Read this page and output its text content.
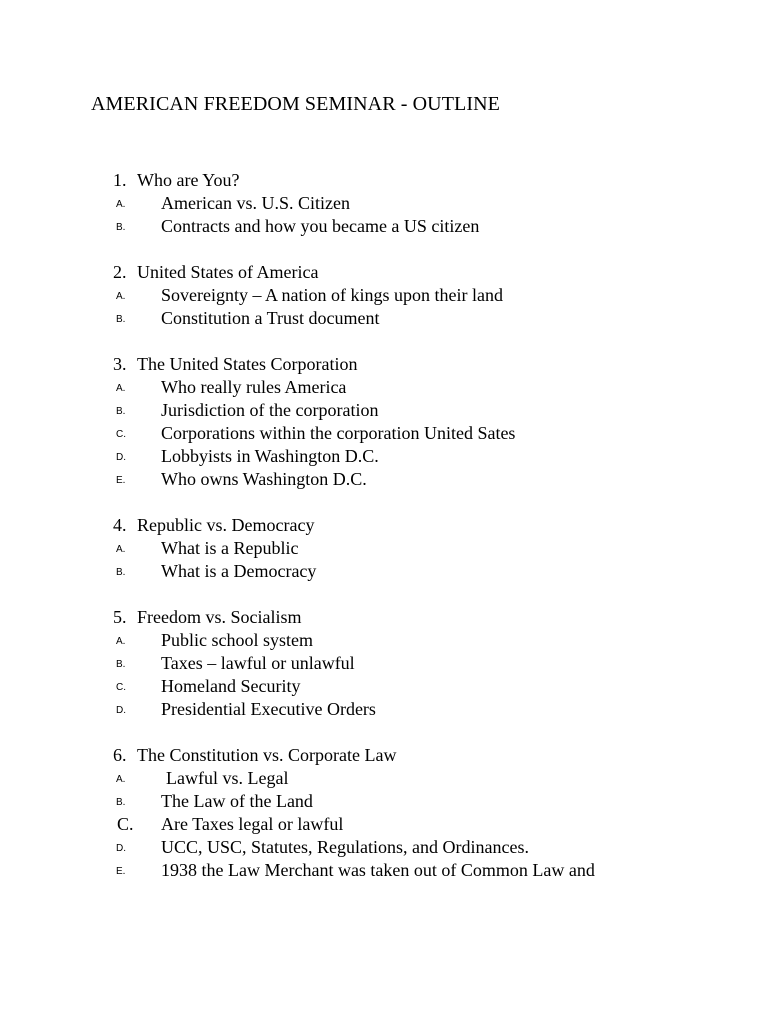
AMERICAN FREEDOM SEMINAR - OUTLINE
1. Who are You?
A. American vs. U.S. Citizen
B. Contracts and how you became a US citizen
2. United States of America
A. Sovereignty – A nation of kings upon their land
B. Constitution a Trust document
3. The United States Corporation
A. Who really rules America
B. Jurisdiction of the corporation
C. Corporations within the corporation United Sates
D. Lobbyists in Washington D.C.
E. Who owns Washington D.C.
4. Republic vs. Democracy
A. What is a Republic
B. What is a Democracy
5. Freedom vs. Socialism
A. Public school system
B. Taxes – lawful or unlawful
C. Homeland Security
D. Presidential Executive Orders
6. The Constitution vs. Corporate Law
A. Lawful vs. Legal
B. The Law of the Land
C. Are Taxes legal or lawful
D. UCC, USC, Statutes, Regulations, and Ordinances.
E. 1938 the Law Merchant was taken out of Common Law and
